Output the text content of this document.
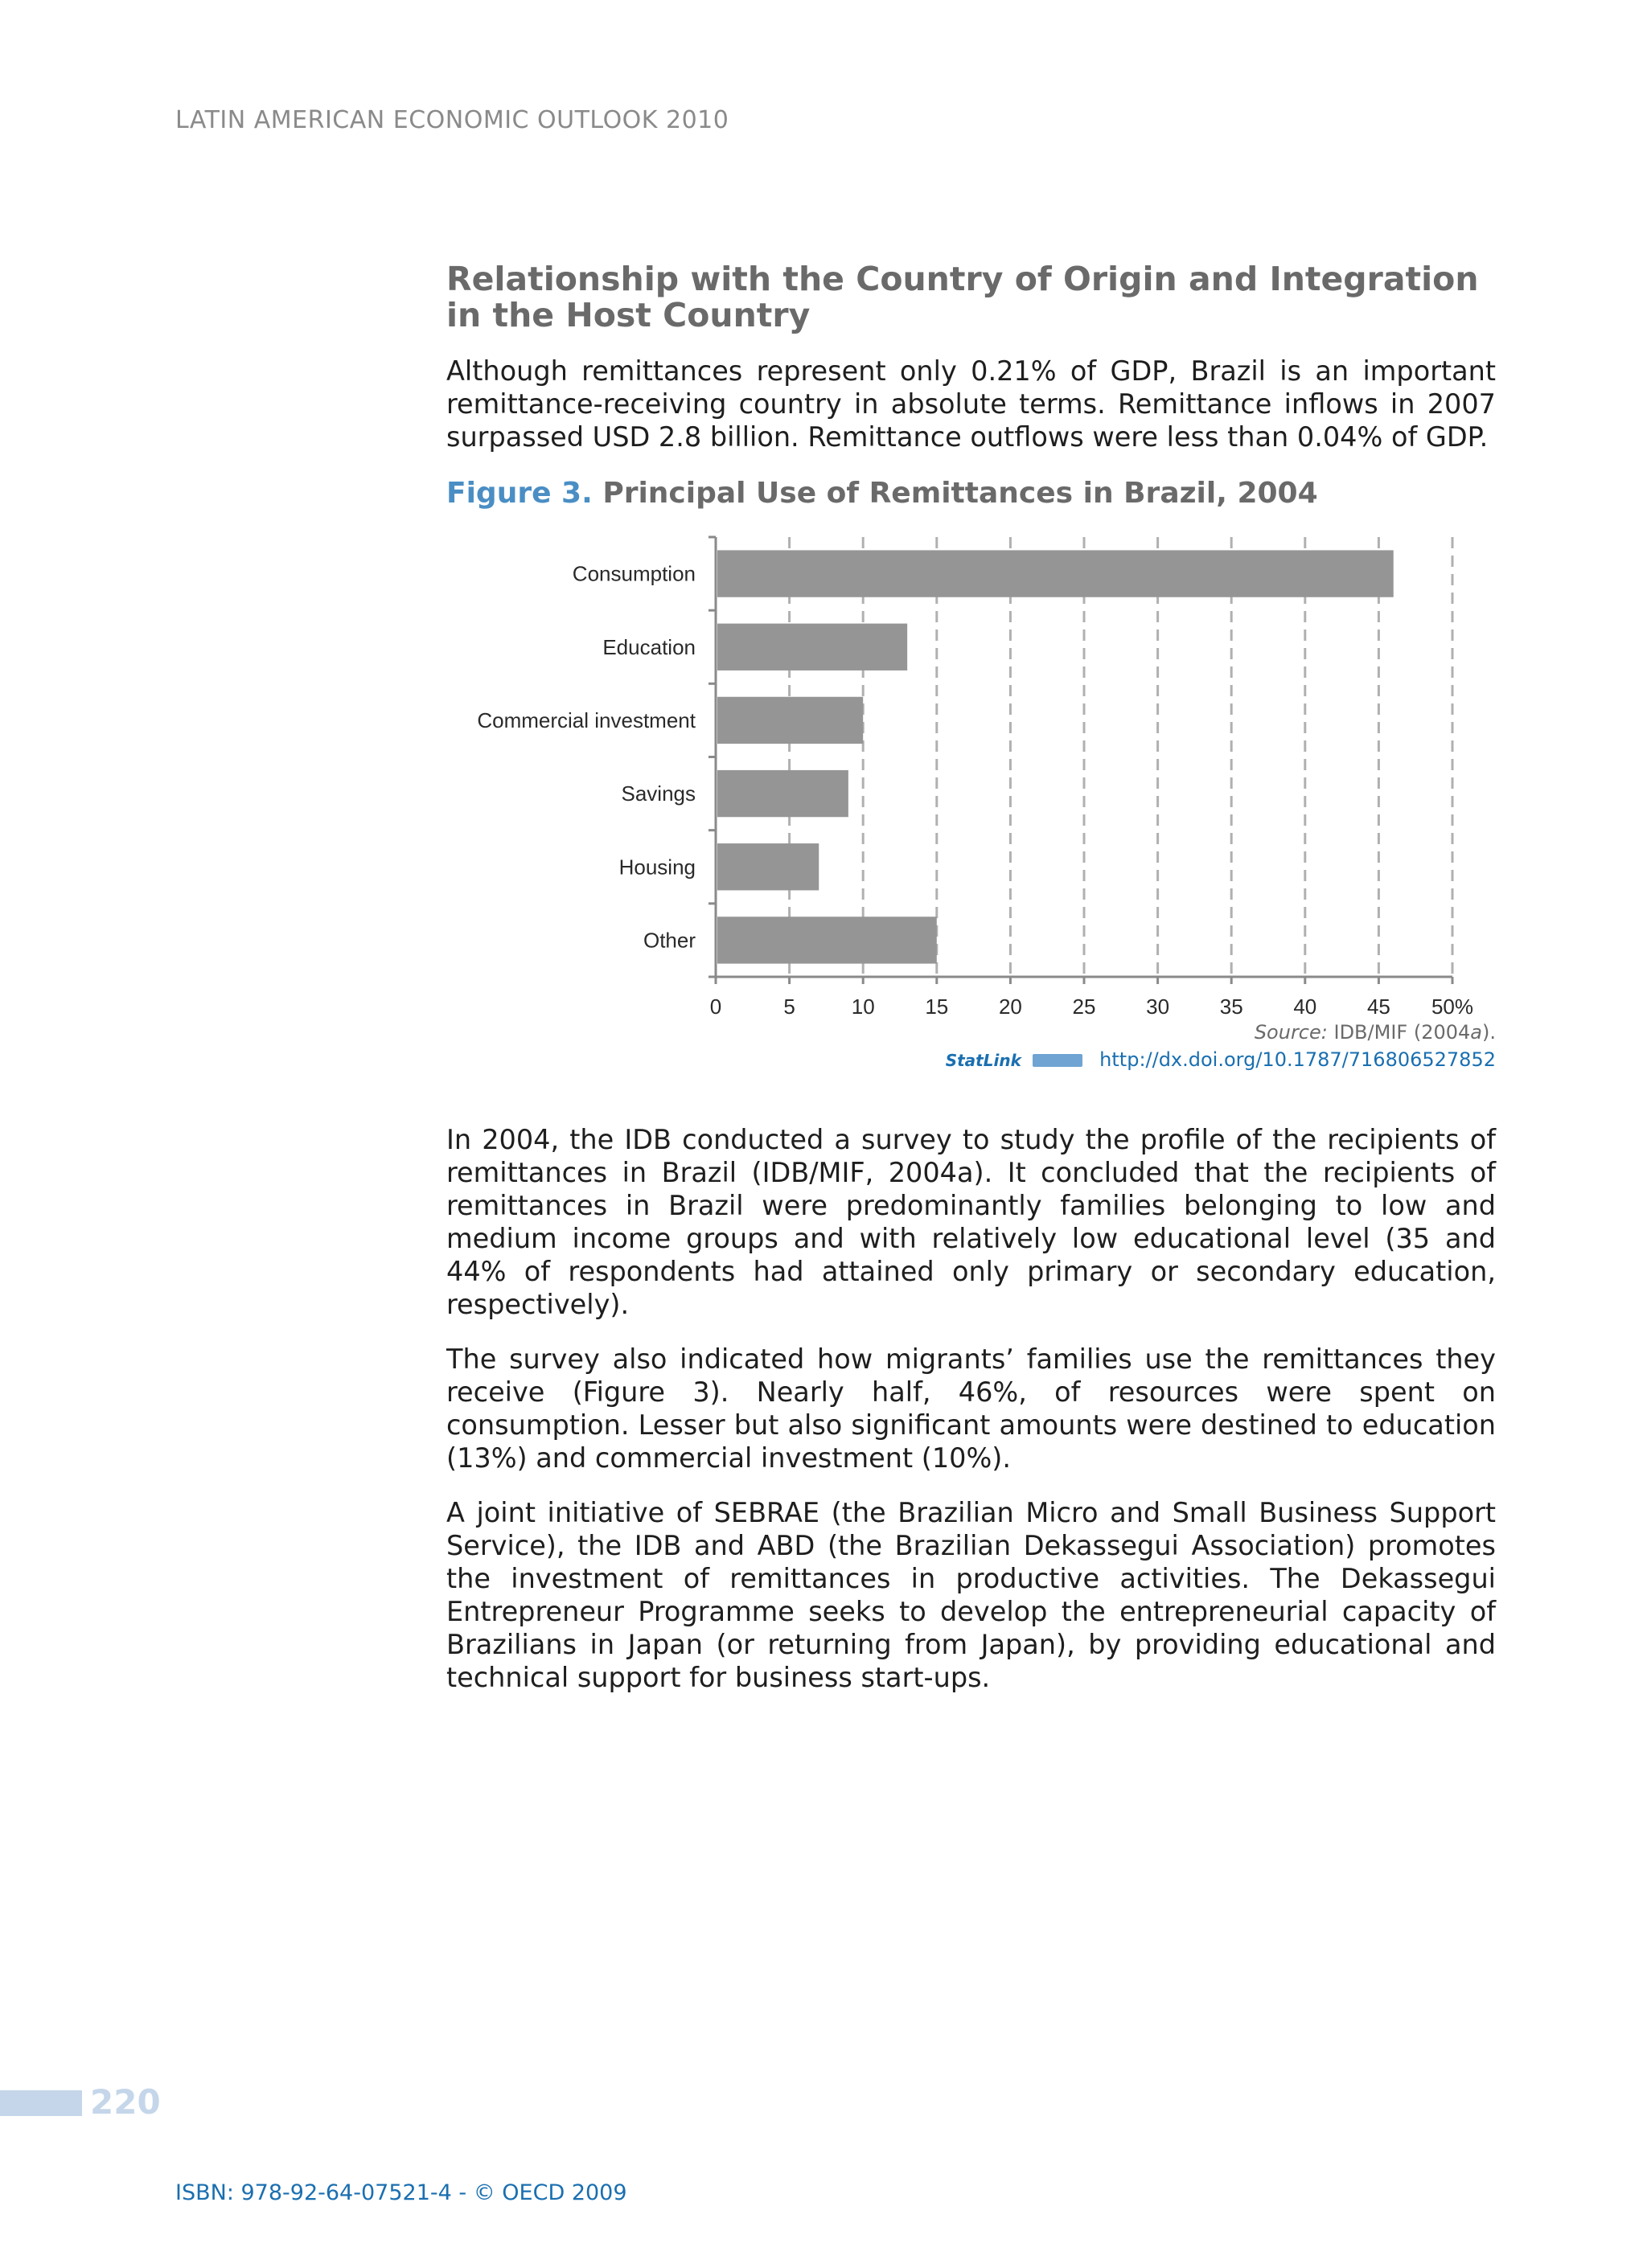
LATIN AMERICAN ECONOMIC OUTLOOK 2010
Relationship with the Country of Origin and Integration
in the Host Country

Although remittances represent only 0.21% of GDP, Brazil is an important remittance-receiving country in absolute terms. Remittance inflows in 2007 surpassed USD 2.8 billion. Remittance outflows were less than 0.04% of GDP.

Figure 3. Principal Use of Remittances in Brazil, 2004
0	5	10 15 20 25 30 35 40 45 50%
Consumption
Education
Commercial investment
Savings
Housing
Other
Source: IDB/MIF (2004a).
StatLink	http://dx.doi.org/10.1787/716806527852

In 2004, the IDB conducted a survey to study the profile of the recipients of remittances in Brazil (IDB/MIF, 2004a). It concluded that the recipients of remittances in Brazil were predominantly families belonging to low and medium income groups and with relatively low educational level (35 and 44% of respondents had attained only primary or secondary education, respectively).

The survey also indicated how migrants’ families use the remittances they receive (Figure 3). Nearly half, 46%, of resources were spent on consumption. Lesser but also significant amounts were destined to education (13%) and commercial investment (10%).

A joint initiative of SEBRAE (the Brazilian Micro and Small Business Support Service), the IDB and ABD (the Brazilian Dekassegui Association) promotes the investment of remittances in productive activities. The Dekassegui Entrepreneur Programme seeks to develop the entrepreneurial capacity of Brazilians in Japan (or returning from Japan), by providing educational and technical support for business start-ups.

220
ISBN: 978-92-64-07521-4 - © OECD 2009
